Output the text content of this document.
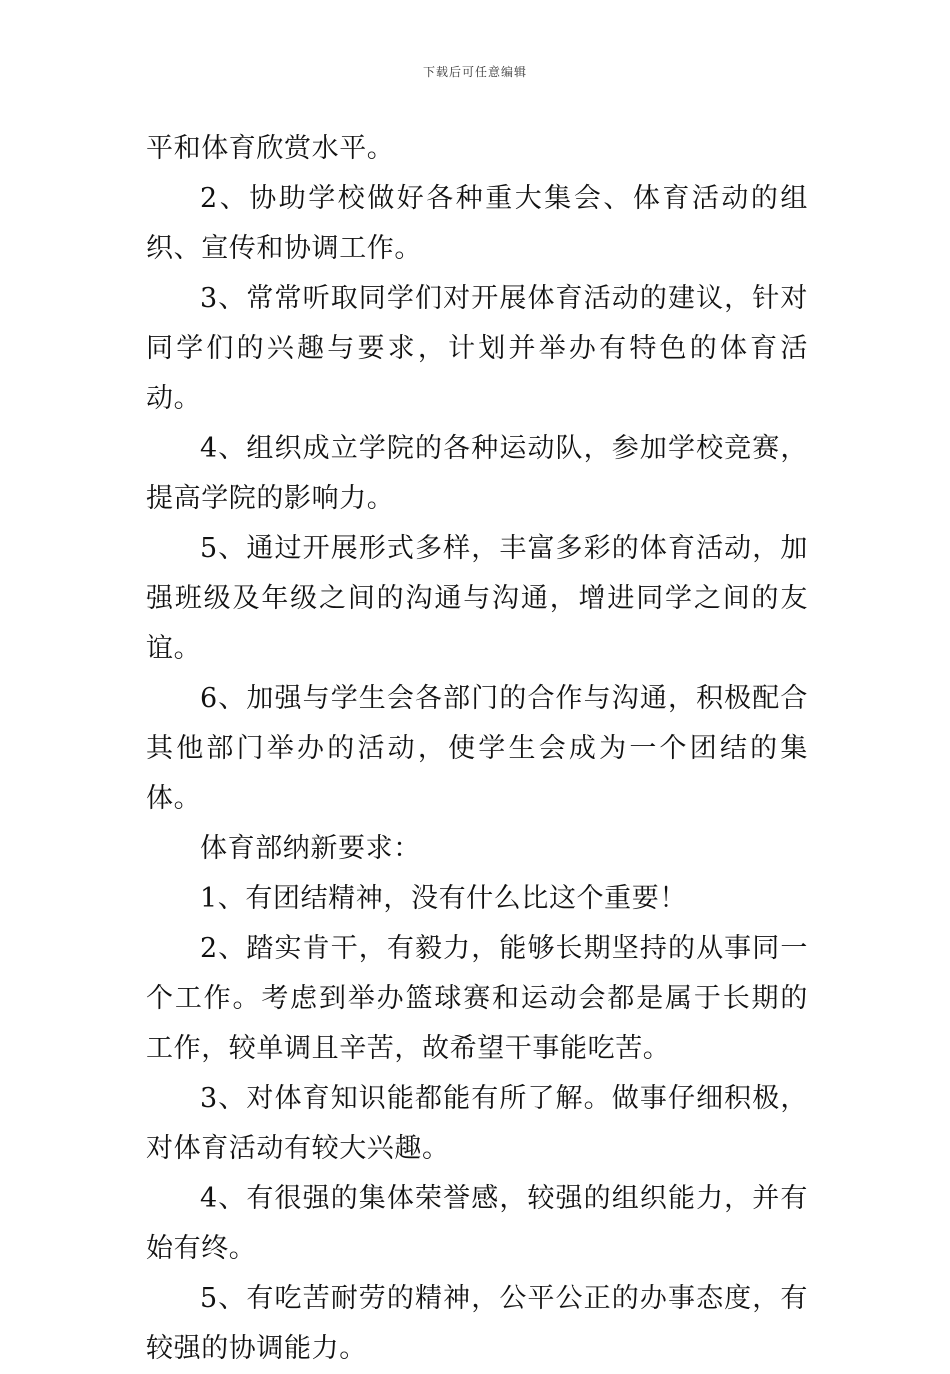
下载后可任意编辑

平和体育欣赏水平。

2、协助学校做好各种重大集会、体育活动的组织、宣传和协调工作。

3、常常听取同学们对开展体育活动的建议，针对同学们的兴趣与要求，计划并举办有特色的体育活动。

4、组织成立学院的各种运动队，参加学校竞赛，提高学院的影响力。

5、通过开展形式多样，丰富多彩的体育活动，加强班级及年级之间的沟通与沟通，增进同学之间的友谊。

6、加强与学生会各部门的合作与沟通，积极配合其他部门举办的活动，使学生会成为一个团结的集体。

体育部纳新要求：

1、有团结精神，没有什么比这个重要！

2、踏实肯干，有毅力，能够长期坚持的从事同一个工作。考虑到举办篮球赛和运动会都是属于长期的工作，较单调且辛苦，故希望干事能吃苦。

3、对体育知识能都能有所了解。做事仔细积极，对体育活动有较大兴趣。

4、有很强的集体荣誉感，较强的组织能力，并有始有终。

5、有吃苦耐劳的精神，公平公正的办事态度，有较强的协调能力。
